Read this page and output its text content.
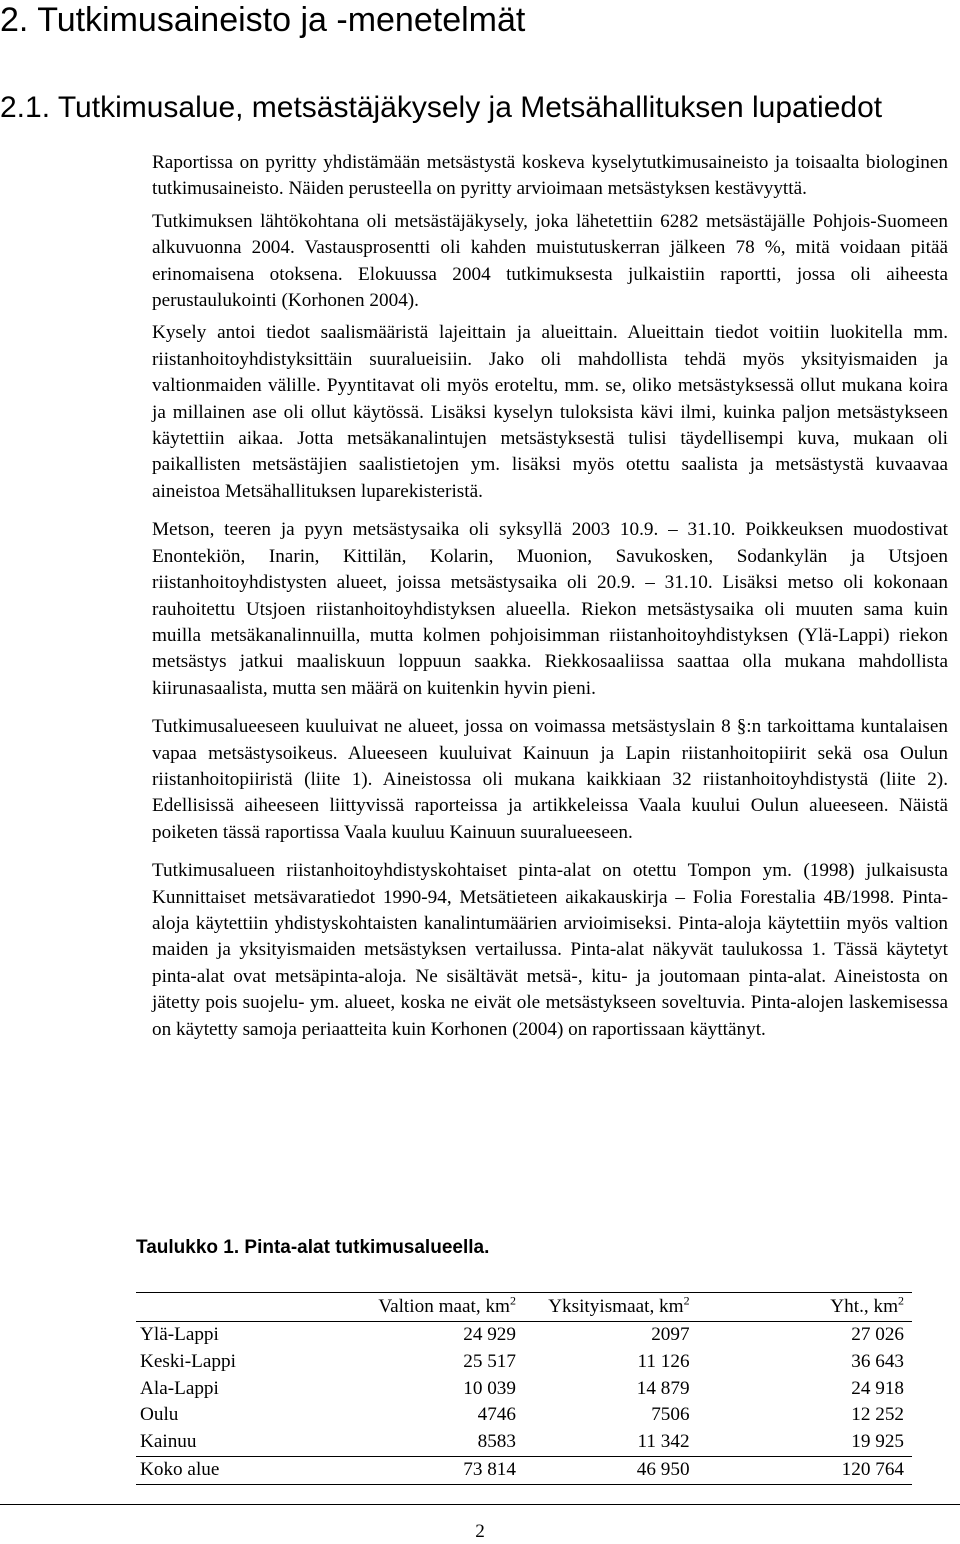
2. Tutkimusaineisto ja -menetelmät
2.1. Tutkimusalue, metsästäjäkysely ja Metsähallituksen lupatiedot

Raportissa on pyritty yhdistämään metsästystä koskeva kyselytutkimusaineisto ja toisaalta biologinen tutkimusaineisto. Näiden perusteella on pyritty arvioimaan metsästyksen kestävyyttä.

Tutkimuksen lähtökohtana oli metsästäjäkysely, joka lähetettiin 6282 metsästäjälle Pohjois-Suomeen alkuvuonna 2004. Vastausprosentti oli kahden muistutuskerran jälkeen 78 %, mitä voidaan pitää erinomaisena otoksena. Elokuussa 2004 tutkimuksesta julkaistiin raportti, jossa oli aiheesta perustaulukointi (Korhonen 2004).

Kysely antoi tiedot saalismääristä lajeittain ja alueittain. Alueittain tiedot voitiin luokitella mm. riistanhoitoyhdistyksittäin suuralueisiin. Jako oli mahdollista tehdä myös yksityismaiden ja valtionmaiden välille. Pyyntitavat oli myös eroteltu, mm. se, oliko metsästyksessä ollut mukana koira ja millainen ase oli ollut käytössä. Lisäksi kyselyn tuloksista kävi ilmi, kuinka paljon metsästykseen käytettiin aikaa. Jotta metsäkanalintujen metsästyksestä tulisi täydellisempi kuva, mukaan oli paikallisten metsästäjien saalistietojen ym. lisäksi myös otettu saalista ja metsästystä kuvaavaa aineistoa Metsähallituksen luparekisteristä.

Metson, teeren ja pyyn metsästysaika oli syksyllä 2003 10.9. – 31.10. Poikkeuksen muodostivat Enontekiön, Inarin, Kittilän, Kolarin, Muonion, Savukosken, Sodankylän ja Utsjoen riistanhoitoyhdistysten alueet, joissa metsästysaika oli 20.9. – 31.10. Lisäksi metso oli kokonaan rauhoitettu Utsjoen riistanhoitoyhdistyksen alueella. Riekon metsästysaika oli muuten sama kuin muilla metsäkanalinnuilla, mutta kolmen pohjoisimman riistanhoitoyhdistyksen (Ylä-Lappi) riekon metsästys jatkui maaliskuun loppuun saakka. Riekkosaaliissa saattaa olla mukana mahdollista kiirunasaalista, mutta sen määrä on kuitenkin hyvin pieni.

Tutkimusalueeseen kuuluivat ne alueet, jossa on voimassa metsästyslain 8 §:n tarkoittama kuntalaisen vapaa metsästysoikeus. Alueeseen kuuluivat Kainuun ja Lapin riistanhoitopiirit sekä osa Oulun riistanhoitopiiristä (liite 1). Aineistossa oli mukana kaikkiaan 32 riistanhoitoyhdistystä (liite 2). Edellisissä aiheeseen liittyvissä raporteissa ja artikkeleissa Vaala kuului Oulun alueeseen. Näistä poiketen tässä raportissa Vaala kuuluu Kainuun suuralueeseen.

Tutkimusalueen riistanhoitoyhdistyskohtaiset pinta-alat on otettu Tompon ym. (1998) julkaisusta Kunnittaiset metsävaratiedot 1990-94, Metsätieteen aikakauskirja – Folia Forestalia 4B/1998. Pinta-aloja käytettiin yhdistyskohtaisten kanalintumäärien arvioimiseksi. Pinta-aloja käytettiin myös valtion maiden ja yksityismaiden metsästyksen vertailussa. Pinta-alat näkyvät taulukossa 1. Tässä käytetyt pinta-alat ovat metsäpinta-aloja. Ne sisältävät metsä-, kitu- ja joutomaan pinta-alat. Aineistosta on jätetty pois suojelu- ym. alueet, koska ne eivät ole metsästykseen soveltuvia. Pinta-alojen laskemisessa on käytetty samoja periaatteita kuin Korhonen (2004) on raportissaan käyttänyt.

Taulukko 1. Pinta-alat tutkimusalueella.

	Valtion maat, $km^2$	Yksityismaat, $km^2$	Yht., $km^2$
Ylä-Lappi	24 929	2097	27 026
Keski-Lappi	25 517	11 126	36 643
Ala-Lappi	10 039	14 879	24 918
Oulu	4746	7506	12 252
Kainuu	8583	11 342	19 925
Koko alue	73 814	46 950	120 764
2
